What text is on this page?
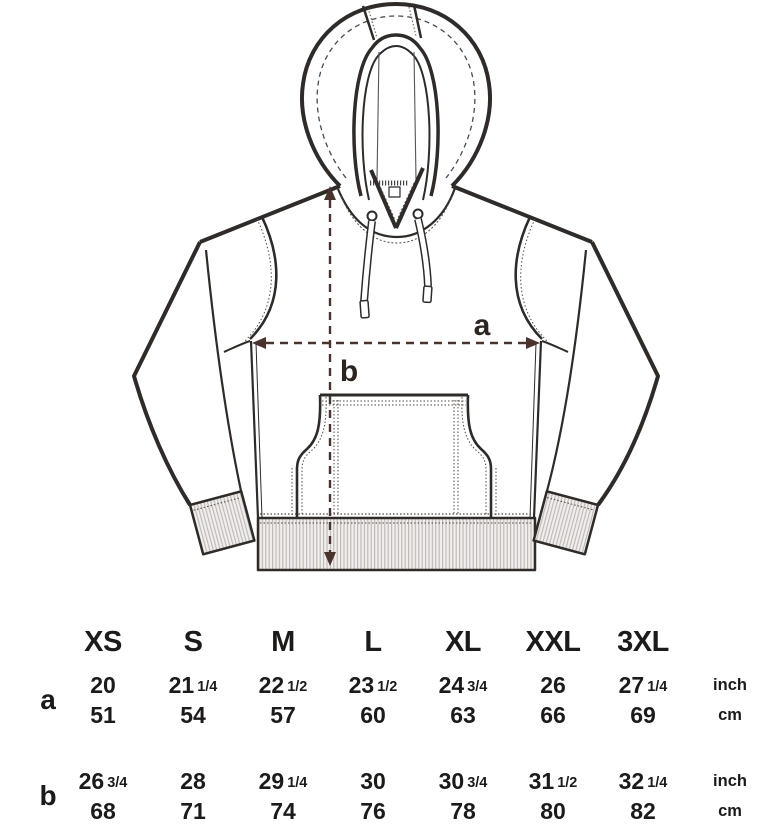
a
b
XS	S	M	L	XL	XXL	3XL
a	20	21 1/4	22 1/2	23 1/2	24 3/4	26	27 1/4	inch
51	54	57	60	63	66	69	cm
b 26 3/4	28	29 1/4	30	30 3/4	31 1/2	32 1/4	inch
68	71	74	76	78	80	82	cm
